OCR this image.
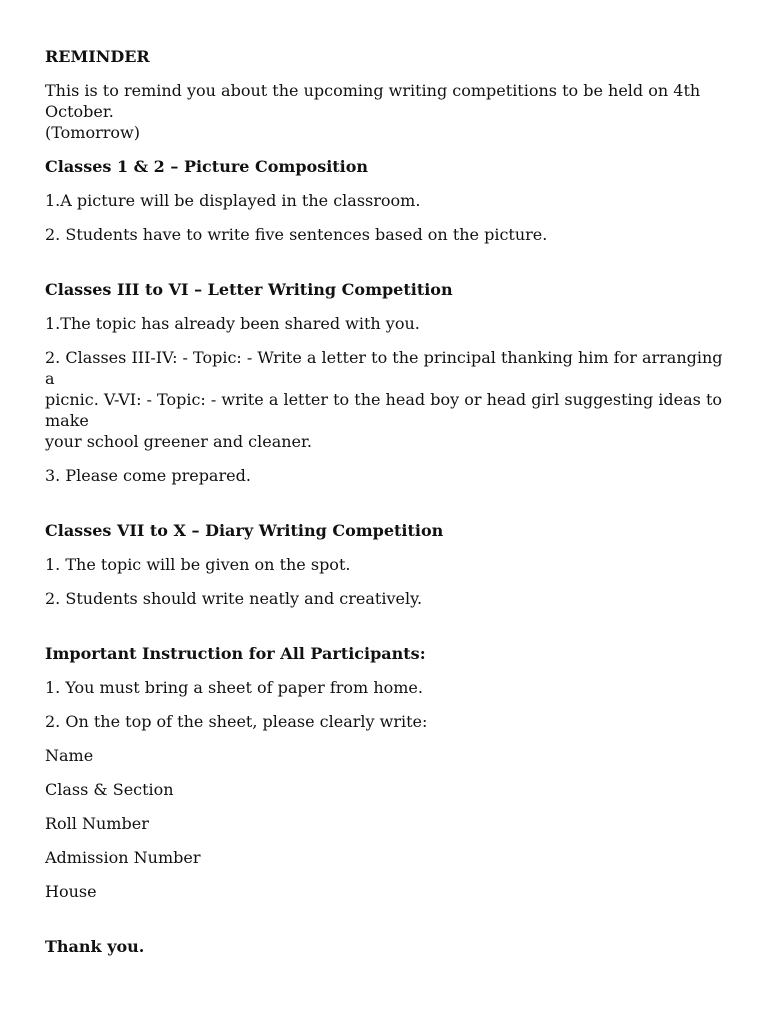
REMINDER

This is to remind you about the upcoming writing competitions to be held on 4th October.
(Tomorrow)

Classes 1 & 2 – Picture Composition

1.A picture will be displayed in the classroom.

2. Students have to write five sentences based on the picture.

Classes III to VI – Letter Writing Competition

1.The topic has already been shared with you.

2. Classes III-IV: - Topic: - Write a letter to the principal thanking him for arranging a
picnic. V-VI: - Topic: - write a letter to the head boy or head girl suggesting ideas to make
your school greener and cleaner.

3. Please come prepared.

Classes VII to X – Diary Writing Competition

1. The topic will be given on the spot.

2. Students should write neatly and creatively.

Important Instruction for All Participants:

1. You must bring a sheet of paper from home.

2. On the top of the sheet, please clearly write:

Name

Class & Section

Roll Number

Admission Number

House

Thank you.
